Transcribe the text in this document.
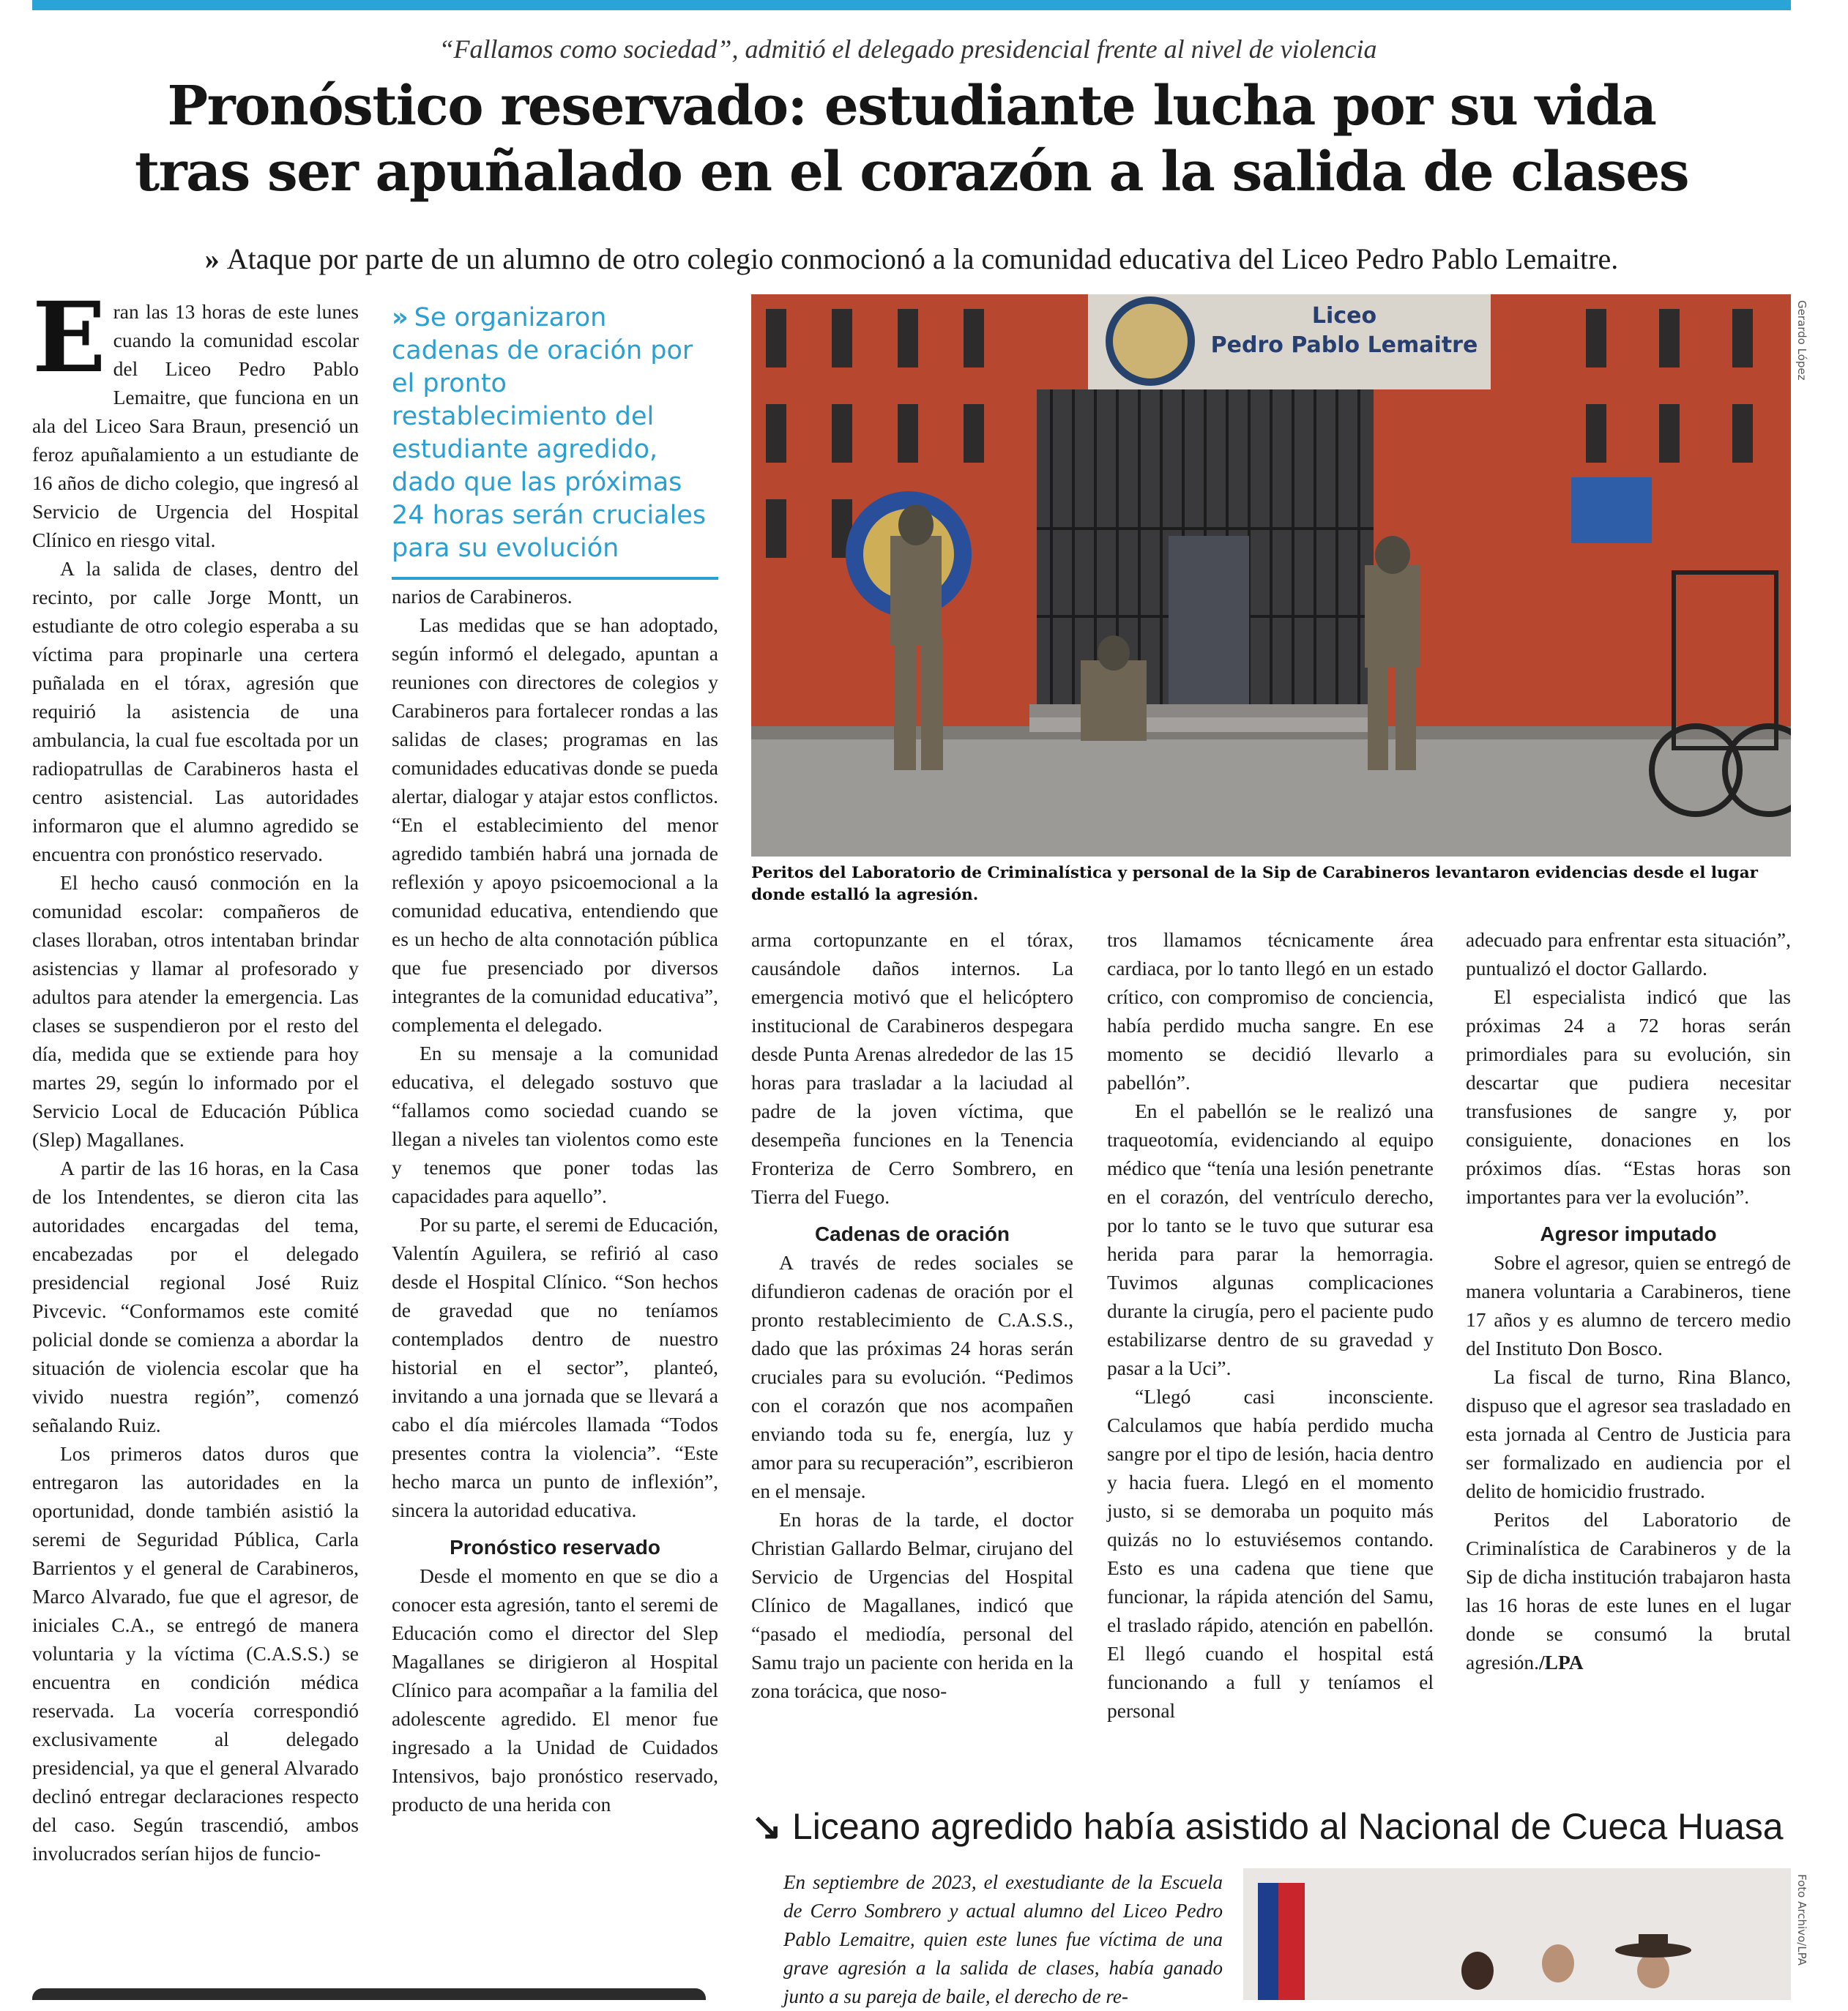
“Fallamos como sociedad”, admitió el delegado presidencial frente al nivel de violencia
Pronóstico reservado: estudiante lucha por su vida
tras ser apuñalado en el corazón a la salida de clases
» Ataque por parte de un alumno de otro colegio conmocionó a la comunidad educativa del Liceo Pedro Pablo Lemaitre.

Eran las 13 horas de este lunes cuando la comunidad escolar del Liceo Pedro Pablo Lemaitre, que funciona en un ala del Liceo Sara Braun, presenció un feroz apuñalamiento a un estudiante de 16 años de dicho colegio, que ingresó al Servicio de Urgencia del Hospital Clínico en riesgo vital.

A la salida de clases, dentro del recinto, por calle Jorge Montt, un estudiante de otro colegio esperaba a su víctima para propinarle una certera puñalada en el tórax, agresión que requirió la asistencia de una ambulancia, la cual fue escoltada por un radiopatrullas de Carabineros hasta el centro asistencial. Las autoridades informaron que el alumno agredido se encuentra con pronóstico reservado.

El hecho causó conmoción en la comunidad escolar: compañeros de clases lloraban, otros intentaban brindar asistencias y llamar al profesorado y adultos para atender la emergencia. Las clases se suspendieron por el resto del día, medida que se extiende para hoy martes 29, según lo informado por el Servicio Local de Educación Pública (Slep) Magallanes.

A partir de las 16 horas, en la Casa de los Intendentes, se dieron cita las autoridades encargadas del tema, encabezadas por el delegado presidencial regional José Ruiz Pivcevic. “Conformamos este comité policial donde se comienza a abordar la situación de violencia escolar que ha vivido nuestra región”, comenzó señalando Ruiz.

Los primeros datos duros que entregaron las autoridades en la oportunidad, donde también asistió la seremi de Seguridad Pública, Carla Barrientos y el general de Carabineros, Marco Alvarado, fue que el agresor, de iniciales C.A., se entregó de manera voluntaria y la víctima (C.A.S.S.) se encuentra en condición médica reservada. La vocería correspondió exclusivamente al delegado presidencial, ya que el general Alvarado declinó entregar declaraciones respecto del caso. Según trascendió, ambos involucrados serían hijos de funcio-

» Se organizaron cadenas de oración por el pronto restablecimiento del estudiante agredido, dado que las próximas 24 horas serán cruciales para su evolución

narios de Carabineros.

Las medidas que se han adoptado, según informó el delegado, apuntan a reuniones con directores de colegios y Carabineros para fortalecer rondas a las salidas de clases; programas en las comunidades educativas donde se pueda alertar, dialogar y atajar estos conflictos. “En el establecimiento del menor agredido también habrá una jornada de reflexión y apoyo psicoemocional a la comunidad educativa, entendiendo que es un hecho de alta connotación pública que fue presenciado por diversos integrantes de la comunidad educativa”, complementa el delegado.

En su mensaje a la comunidad educativa, el delegado sostuvo que “fallamos como sociedad cuando se llegan a niveles tan violentos como este y tenemos que poner todas las capacidades para aquello”.

Por su parte, el seremi de Educación, Valentín Aguilera, se refirió al caso desde el Hospital Clínico. “Son hechos de gravedad que no teníamos contemplados dentro de nuestro historial en el sector”, planteó, invitando a una jornada que se llevará a cabo el día miércoles llamada “Todos presentes contra la violencia”. “Este hecho marca un punto de inflexión”, sincera la autoridad educativa.

Pronóstico reservado

Desde el momento en que se dio a conocer esta agresión, tanto el seremi de Educación como el director del Slep Magallanes se dirigieron al Hospital Clínico para acompañar a la familia del adolescente agredido. El menor fue ingresado a la Unidad de Cuidados Intensivos, bajo pronóstico reservado, producto de una herida con

Liceo
Pedro Pablo Lemaitre	Gerardo López
Peritos del Laboratorio de Criminalística y personal de la Sip de Carabineros levantaron evidencias desde el lugar donde estalló la agresión.

arma cortopunzante en el tórax, causándole daños internos. La emergencia motivó que el helicóptero institucional de Carabineros despegara desde Punta Arenas alrededor de las 15 horas para trasladar a la laciudad al padre de la joven víctima, que desempeña funciones en la Tenencia Fronteriza de Cerro Sombrero, en Tierra del Fuego.

Cadenas de oración

A través de redes sociales se difundieron cadenas de oración por el pronto restablecimiento de C.A.S.S., dado que las próximas 24 horas serán cruciales para su evolución. “Pedimos con el corazón que nos acompañen enviando toda su fe, energía, luz y amor para su recuperación”, escribieron en el mensaje.

En horas de la tarde, el doctor Christian Gallardo Belmar, cirujano del Servicio de Urgencias del Hospital Clínico de Magallanes, indicó que “pasado el mediodía, personal del Samu trajo un paciente con herida en la zona torácica, que noso-

tros llamamos técnicamente área cardiaca, por lo tanto llegó en un estado crítico, con compromiso de conciencia, había perdido mucha sangre. En ese momento se decidió llevarlo a pabellón”.

En el pabellón se le realizó una traqueotomía, evidenciando al equipo médico que “tenía una lesión penetrante en el corazón, del ventrículo derecho, por lo tanto se le tuvo que suturar esa herida para parar la hemorragia. Tuvimos algunas complicaciones durante la cirugía, pero el paciente pudo estabilizarse dentro de su gravedad y pasar a la Uci”.

“Llegó casi inconsciente. Calculamos que había perdido mucha sangre por el tipo de lesión, hacia dentro y hacia fuera. Llegó en el momento justo, si se demoraba un poquito más quizás no lo estuviésemos contando. Esto es una cadena que tiene que funcionar, la rápida atención del Samu, el traslado rápido, atención en pabellón. El llegó cuando el hospital está funcionando a full y teníamos el personal

adecuado para enfrentar esta situación”, puntualizó el doctor Gallardo.

El especialista indicó que las próximas 24 a 72 horas serán primordiales para su evolución, sin descartar que pudiera necesitar transfusiones de sangre y, por consiguiente, donaciones en los próximos días. “Estas horas son importantes para ver la evolución”.

Agresor imputado

Sobre el agresor, quien se entregó de manera voluntaria a Carabineros, tiene 17 años y es alumno de tercero medio del Instituto Don Bosco.

La fiscal de turno, Rina Blanco, dispuso que el agresor sea trasladado en esta jornada al Centro de Justicia para ser formalizado en audiencia por el delito de homicidio frustrado.

Peritos del Laboratorio de Criminalística de Carabineros y de la Sip de dicha institución trabajaron hasta las 16 horas de este lunes en el lugar donde se consumó la brutal agresión./LPA

↘ Liceano agredido había asistido al Nacional de Cueca Huasa
En septiembre de 2023, el exestudiante de la Escuela de Cerro Sombrero y actual alumno del Liceo Pedro Pablo Lemaitre, quien este lunes fue víctima de una grave agresión a la salida de clases, había ganado junto a su pareja de baile, el derecho de re-
Foto Archivo/LPA
